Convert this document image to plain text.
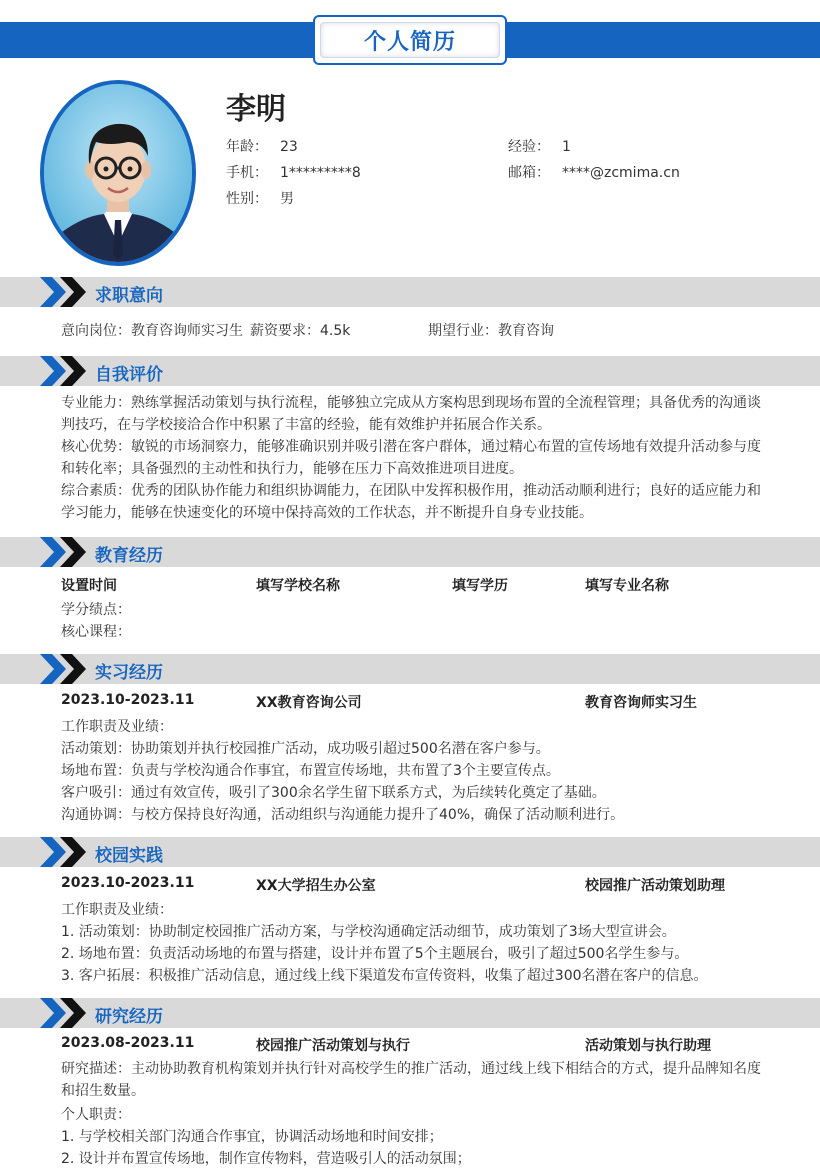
个人简历
李明
年龄： 23	经验： 1
手机： 1*********8	邮箱： ****@zcmima.cn
性别： 男
求职意向
意向岗位：教育咨询师实习生 薪资要求：4.5k	期望行业：教育咨询
自我评价
专业能力：熟练掌握活动策划与执行流程，能够独立完成从方案构思到现场布置的全流程管理；具备优秀的沟通谈判技巧，在与学校接洽合作中积累了丰富的经验，能有效维护并拓展合作关系。
核心优势：敏锐的市场洞察力，能够准确识别并吸引潜在客户群体，通过精心布置的宣传场地有效提升活动参与度和转化率；具备强烈的主动性和执行力，能够在压力下高效推进项目进度。
综合素质：优秀的团队协作能力和组织协调能力，在团队中发挥积极作用，推动活动顺利进行；良好的适应能力和学习能力，能够在快速变化的环境中保持高效的工作状态，并不断提升自身专业技能。
教育经历
设置时间	填写学校名称	填写学历	填写专业名称
学分绩点：
核心课程：
实习经历
2023.10-2023.11	XX教育咨询公司	教育咨询师实习生
工作职责及业绩：
活动策划：协助策划并执行校园推广活动，成功吸引超过500名潜在客户参与。
场地布置：负责与学校沟通合作事宜，布置宣传场地，共布置了3个主要宣传点。
客户吸引：通过有效宣传，吸引了300余名学生留下联系方式，为后续转化奠定了基础。
沟通协调：与校方保持良好沟通，活动组织与沟通能力提升了40%，确保了活动顺利进行。
校园实践
2023.10-2023.11	XX大学招生办公室	校园推广活动策划助理
工作职责及业绩：
1. 活动策划：协助制定校园推广活动方案，与学校沟通确定活动细节，成功策划了3场大型宣讲会。
2. 场地布置：负责活动场地的布置与搭建，设计并布置了5个主题展台，吸引了超过500名学生参与。
3. 客户拓展：积极推广活动信息，通过线上线下渠道发布宣传资料，收集了超过300名潜在客户的信息。
研究经历
2023.08-2023.11	校园推广活动策划与执行	活动策划与执行助理
研究描述：主动协助教育机构策划并执行针对高校学生的推广活动，通过线上线下相结合的方式，提升品牌知名度和招生数量。
个人职责：
1. 与学校相关部门沟通合作事宜，协调活动场地和时间安排；
2. 设计并布置宣传场地，制作宣传物料，营造吸引人的活动氛围；
